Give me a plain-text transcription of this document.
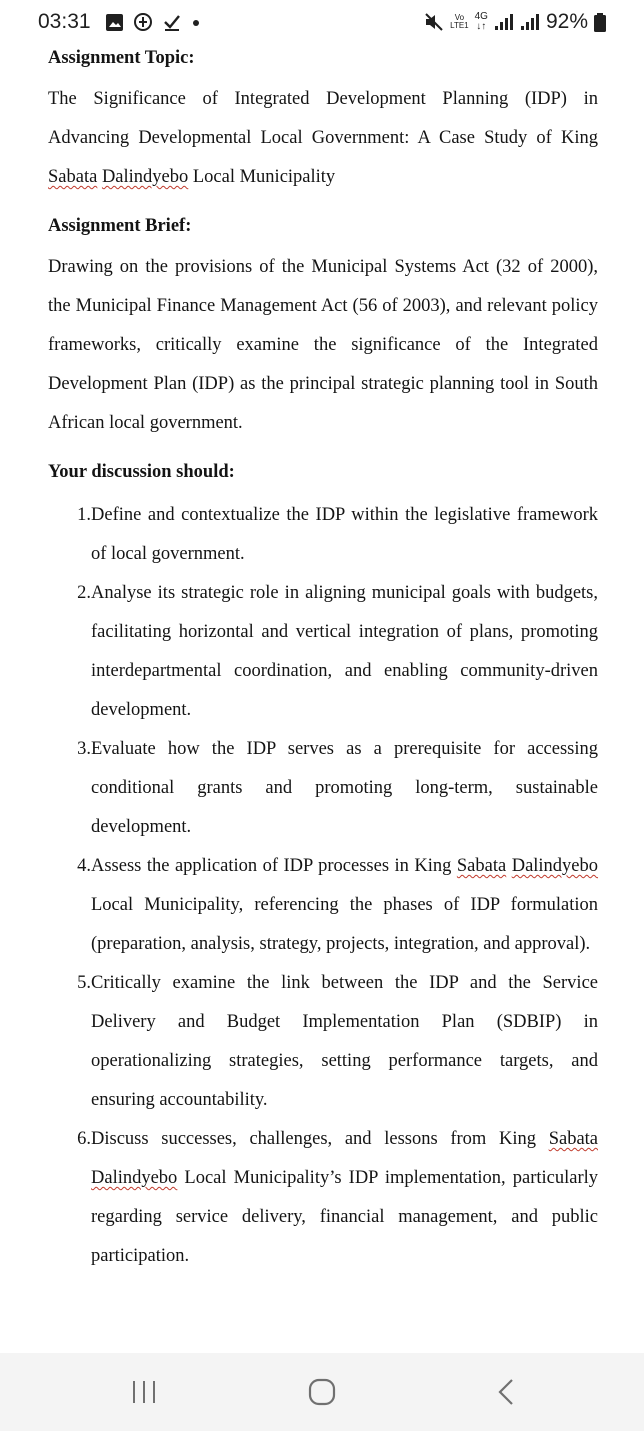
03:31	Vo
LTE1
4G
↓↑	92%

Assignment Topic:

The Significance of Integrated Development Planning (IDP) in Advancing Developmental Local Government: A Case Study of King Sabata Dalindyebo Local Municipality

Assignment Brief:

Drawing on the provisions of the Municipal Systems Act (32 of 2000), the Municipal Finance Management Act (56 of 2003), and relevant policy frameworks, critically examine the significance of the Integrated Development Plan (IDP) as the principal strategic planning tool in South African local government.

Your discussion should:

1. Define and contextualize the IDP within the legislative framework of local government.
2. Analyse its strategic role in aligning municipal goals with budgets, facilitating horizontal and vertical integration of plans, promoting interdepartmental coordination, and enabling community-driven development.
3. Evaluate how the IDP serves as a prerequisite for accessing conditional grants and promoting long-term, sustainable development.
4. Assess the application of IDP processes in King Sabata Dalindyebo Local Municipality, referencing the phases of IDP formulation (preparation, analysis, strategy, projects, integration, and approval).
5. Critically examine the link between the IDP and the Service Delivery and Budget Implementation Plan (SDBIP) in operationalizing strategies, setting performance targets, and ensuring accountability.
6. Discuss successes, challenges, and lessons from King Sabata Dalindyebo Local Municipality’s IDP implementation, particularly regarding service delivery, financial management, and public participation.
